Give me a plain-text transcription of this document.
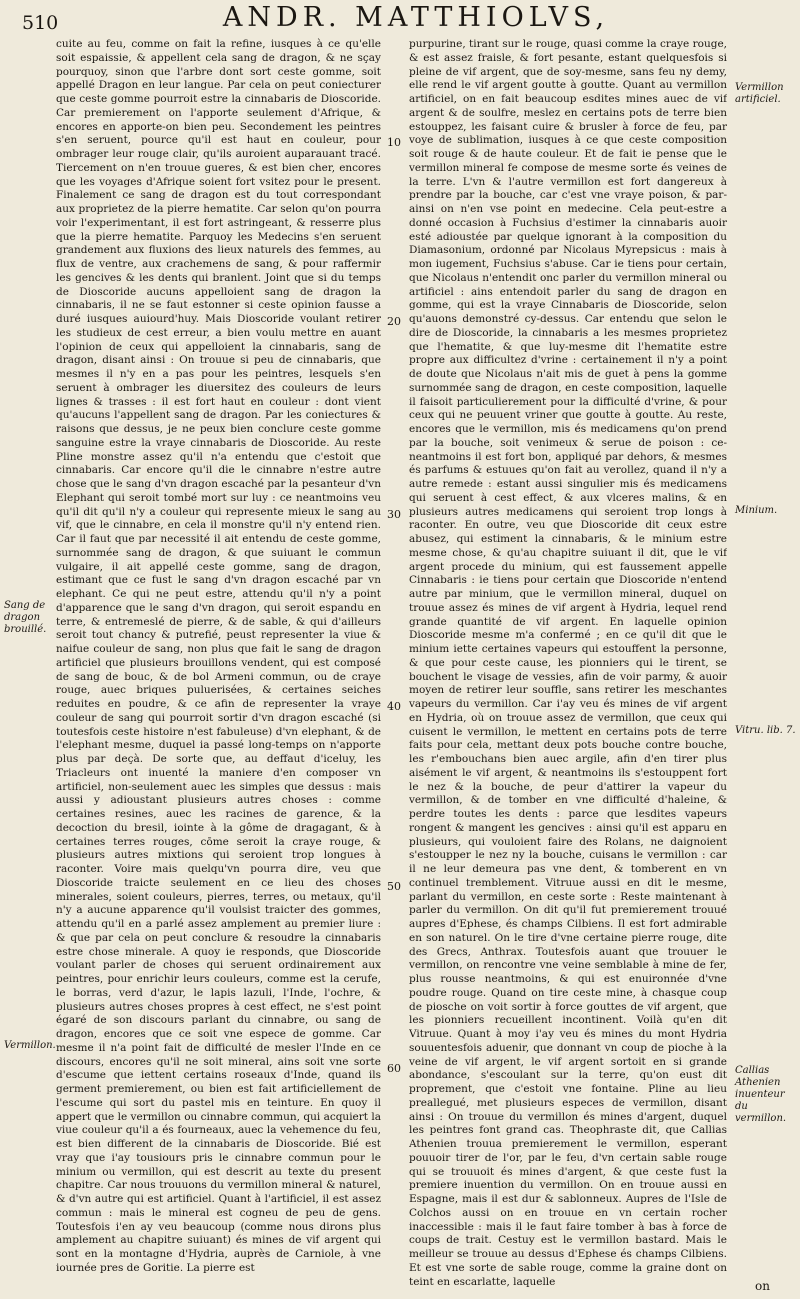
510	ANDR. MATTHIOLVS,

cuite au feu, comme on fait la refine, iusques à ce qu'elle soit espaissie, & appellent cela sang de dragon, & ne sçay pourquoy, sinon que l'arbre dont sort ceste gomme, soit appellé Dragon en leur langue. Par cela on peut coniecturer que ceste gomme pourroit estre la cinnabaris de Dioscoride. Car premierement on l'apporte seulement d'Afrique, & encores en apporte-on bien peu. Secondement les peintres s'en seruent, pource qu'il est haut en couleur, pour ombrager leur rouge clair, qu'ils auroient auparauant tracé. Tiercement on n'en trouue gueres, & est bien cher, encores que les voyages d'Afrique soient fort vsitez pour le present. Finalement ce sang de dragon est du tout correspondant aux proprietez de la pierre hematite. Car selon qu'on pourra voir l'experimentant, il est fort astringeant, & resserre plus que la pierre hematite. Parquoy les Medecins s'en seruent grandement aux fluxions des lieux naturels des femmes, au flux de ventre, aux crachemens de sang, & pour raffermir les gencives & les dents qui branlent. Joint que si du temps de Dioscoride aucuns appelloient sang de dragon la cinnabaris, il ne se faut estonner si ceste opinion fausse a duré iusques auiourd'huy. Mais Dioscoride voulant retirer les studieux de cest erreur, a bien voulu mettre en auant l'opinion de ceux qui appelloient la cinnabaris, sang de dragon, disant ainsi : On trouue si peu de cinnabaris, que mesmes il n'y en a pas pour les peintres, lesquels s'en seruent à ombrager les diuersitez des couleurs de leurs lignes & trasses : il est fort haut en couleur : dont vient qu'aucuns l'appellent sang de dragon. Par les coniectures & raisons que dessus, je ne peux bien conclure ceste gomme sanguine estre la vraye cinnabaris de Dioscoride. Au reste Pline monstre assez qu'il n'a entendu que c'estoit que cinnabaris. Car encore qu'il die le cinnabre n'estre autre chose que le sang d'vn dragon escaché par la pesanteur d'vn Elephant qui seroit tombé mort sur luy : ce neantmoins veu qu'il dit qu'il n'y a couleur qui represente mieux le sang au vif, que le cinnabre, en cela il monstre qu'il n'y entend rien. Car il faut que par necessité il ait entendu de ceste gomme, surnommée sang de dragon, & que suiuant le commun vulgaire, il ait appellé ceste gomme, sang de dragon, estimant que ce fust le sang d'vn dragon escaché par vn elephant. Ce qui ne peut estre, attendu qu'il n'y a point d'apparence que le sang d'vn dragon, qui seroit espandu en terre, & entremeslé de pierre, & de sable, & qui d'ailleurs seroit tout chancy & putrefié, peust representer la viue & naifue couleur de sang, non plus que fait le sang de dragon artificiel que plusieurs brouillons vendent, qui est composé de sang de bouc, & de bol Armeni commun, ou de craye rouge, auec briques puluerisées, & certaines seiches reduites en poudre, & ce afin de representer la vraye couleur de sang qui pourroit sortir d'vn dragon escaché (si toutesfois ceste histoire n'est fabuleuse) d'vn elephant, & de l'elephant mesme, duquel ia passé long-temps on n'apporte plus par deçà. De sorte que, au deffaut d'iceluy, les Triacleurs ont inuenté la maniere d'en composer vn artificiel, non-seulement auec les simples que dessus : mais aussi y adioustant plusieurs autres choses : comme certaines resines, auec les racines de garence, & la decoction du bresil, iointe à la gôme de dragagant, & à certaines terres rouges, cōme seroit la craye rouge, & plusieurs autres mixtions qui seroient trop longues à raconter. Voire mais quelqu'vn pourra dire, veu que Dioscoride traicte seulement en ce lieu des choses minerales, soient couleurs, pierres, terres, ou metaux, qu'il n'y a aucune apparence qu'il voulsist traicter des gommes, attendu qu'il en a parlé assez amplement au premier liure : & que par cela on peut conclure & resoudre la cinnabaris estre chose minerale. A quoy ie responds, que Dioscoride voulant parler de choses qui seruent ordinairement aux peintres, pour enrichir leurs couleurs, comme est la cerufe, le borras, verd d'azur, le lapis lazuli, l'Inde, l'ochre, & plusieurs autres choses propres à cest effect, ne s'est point égaré de son discours parlant du cinnabre, ou sang de dragon, encores que ce soit vne espece de gomme. Car mesme il n'a point fait de difficulté de mesler l'Inde en ce discours, encores qu'il ne soit mineral, ains soit vne sorte d'escume que iettent certains roseaux d'Inde, quand ils germent premierement, ou bien est fait artificiellement de l'escume qui sort du pastel mis en teinture. En quoy il appert que le vermillon ou cinnabre commun, qui acquiert la viue couleur qu'il a és fourneaux, auec la vehemence du feu, est bien different de la cinnabaris de Dioscoride. Bié est vray que i'ay tousiours pris le cinnabre commun pour le minium ou vermillon, qui est descrit au texte du present chapitre. Car nous trouuons du vermillon mineral & naturel, & d'vn autre qui est artificiel. Quant à l'artificiel, il est assez commun : mais le mineral est cogneu de peu de gens. Toutesfois i'en ay veu beaucoup (comme nous dirons plus amplement au chapitre suiuant) és mines de vif argent qui sont en la montagne d'Hydria, auprès de Carniole, à vne iournée pres de Goritie. La pierre est

purpurine, tirant sur le rouge, quasi comme la craye rouge, & est assez fraisle, & fort pesante, estant quelquesfois si pleine de vif argent, que de soy-mesme, sans feu ny demy, elle rend le vif argent goutte à goutte. Quant au vermillon artificiel, on en fait beaucoup esdites mines auec de vif argent & de soulfre, meslez en certains pots de terre bien estouppez, les faisant cuire & brusler à force de feu, par voye de sublimation, iusques à ce que ceste composition soit rouge & de haute couleur. Et de fait ie pense que le vermillon mineral fe compose de mesme sorte és veines de la terre. L'vn & l'autre vermillon est fort dangereux à prendre par la bouche, car c'est vne vraye poison, & par-ainsi on n'en vse point en medecine. Cela peut-estre a donné occasion à Fuchsius d'estimer la cinnabaris auoir esté adioustée par quelque ignorant à la composition du Diamasonium, ordonné par Nicolaus Myrepsicus : mais à mon iugement, Fuchsius s'abuse. Car ie tiens pour certain, que Nicolaus n'entendit onc parler du vermillon mineral ou artificiel : ains entendoit parler du sang de dragon en gomme, qui est la vraye Cinnabaris de Dioscoride, selon qu'auons demonstré cy-dessus. Car entendu que selon le dire de Dioscoride, la cinnabaris a les mesmes proprietez que l'hematite, & que luy-mesme dit l'hematite estre propre aux difficultez d'vrine : certainement il n'y a point de doute que Nicolaus n'ait mis de guet à pens la gomme surnommée sang de dragon, en ceste composition, laquelle il faisoit particulierement pour la difficulté d'vrine, & pour ceux qui ne peuuent vriner que goutte à goutte. Au reste, encores que le vermillon, mis és medicamens qu'on prend par la bouche, soit venimeux & serue de poison : ce-neantmoins il est fort bon, appliqué par dehors, & mesmes és parfums & estuues qu'on fait au verollez, quand il n'y a autre remede : estant aussi singulier mis és medicamens qui seruent à cest effect, & aux vlceres malins, & en plusieurs autres medicamens qui seroient trop longs à raconter. En outre, veu que Dioscoride dit ceux estre abusez, qui estiment la cinnabaris, & le minium estre mesme chose, & qu'au chapitre suiuant il dit, que le vif argent procede du minium, qui est faussement appelle Cinnabaris : ie tiens pour certain que Dioscoride n'entend autre par minium, que le vermillon mineral, duquel on trouue assez és mines de vif argent à Hydria, lequel rend grande quantité de vif argent. En laquelle opinion Dioscoride mesme m'a confermé ; en ce qu'il dit que le minium iette certaines vapeurs qui estouffent la personne, & que pour ceste cause, les pionniers qui le tirent, se bouchent le visage de vessies, afin de voir parmy, & auoir moyen de retirer leur souffle, sans retirer les meschantes vapeurs du vermillon. Car i'ay veu és mines de vif argent en Hydria, où on trouue assez de vermillon, que ceux qui cuisent le vermillon, le mettent en certains pots de terre faits pour cela, mettant deux pots bouche contre bouche, les r'embouchans bien auec argile, afin d'en tirer plus aisément le vif argent, & neantmoins ils s'estouppent fort le nez & la bouche, de peur d'attirer la vapeur du vermillon, & de tomber en vne difficulté d'haleine, & perdre toutes les dents : parce que lesdites vapeurs rongent & mangent les gencives : ainsi qu'il est apparu en plusieurs, qui vouloient faire des Rolans, ne daignoient s'estoupper le nez ny la bouche, cuisans le vermillon : car il ne leur demeura pas vne dent, & tomberent en vn continuel tremblement. Vitruue aussi en dit le mesme, parlant du vermillon, en ceste sorte : Reste maintenant à parler du vermillon. On dit qu'il fut premierement trouué aupres d'Ephese, és champs Cilbiens. Il est fort admirable en son naturel. On le tire d'vne certaine pierre rouge, dite des Grecs, Anthrax. Toutesfois auant que trouuer le vermillon, on rencontre vne veine semblable à mine de fer, plus rousse neantmoins, & qui est enuironnée d'vne poudre rouge. Quand on tire ceste mine, à chasque coup de piosche on voit sortir à force gouttes de vif argent, que les pionniers recueillent incontinent. Voilà qu'en dit Vitruue. Quant à moy i'ay veu és mines du mont Hydria souuentesfois aduenir, que donnant vn coup de pioche à la veine de vif argent, le vif argent sortoit en si grande abondance, s'escoulant sur la terre, qu'on eust dit proprement, que c'estoit vne fontaine. Pline au lieu preallegué, met plusieurs especes de vermillon, disant ainsi : On trouue du vermillon és mines d'argent, duquel les peintres font grand cas. Theophraste dit, que Callias Athenien trouua premierement le vermillon, esperant pouuoir tirer de l'or, par le feu, d'vn certain sable rouge qui se trouuoit és mines d'argent, & que ceste fust la premiere inuention du vermillon. On en trouue aussi en Espagne, mais il est dur & sablonneux. Aupres de l'Isle de Colchos aussi on en trouue en vn certain rocher inaccessible : mais il le faut faire tomber à bas à force de coups de trait. Cestuy est le vermillon bastard. Mais le meilleur se trouue au dessus d'Ephese és champs Cilbiens. Et est vne sorte de sable rouge, comme la graine dont on teint en escarlatte, laquelle

Sang de dragon brouillé.
Vermillon.
Vermillon artificiel.
Minium.
Vitru. lib. 7.
Callias Athenien inuenteur du vermillon.
10
20
30
40
50
60
on
